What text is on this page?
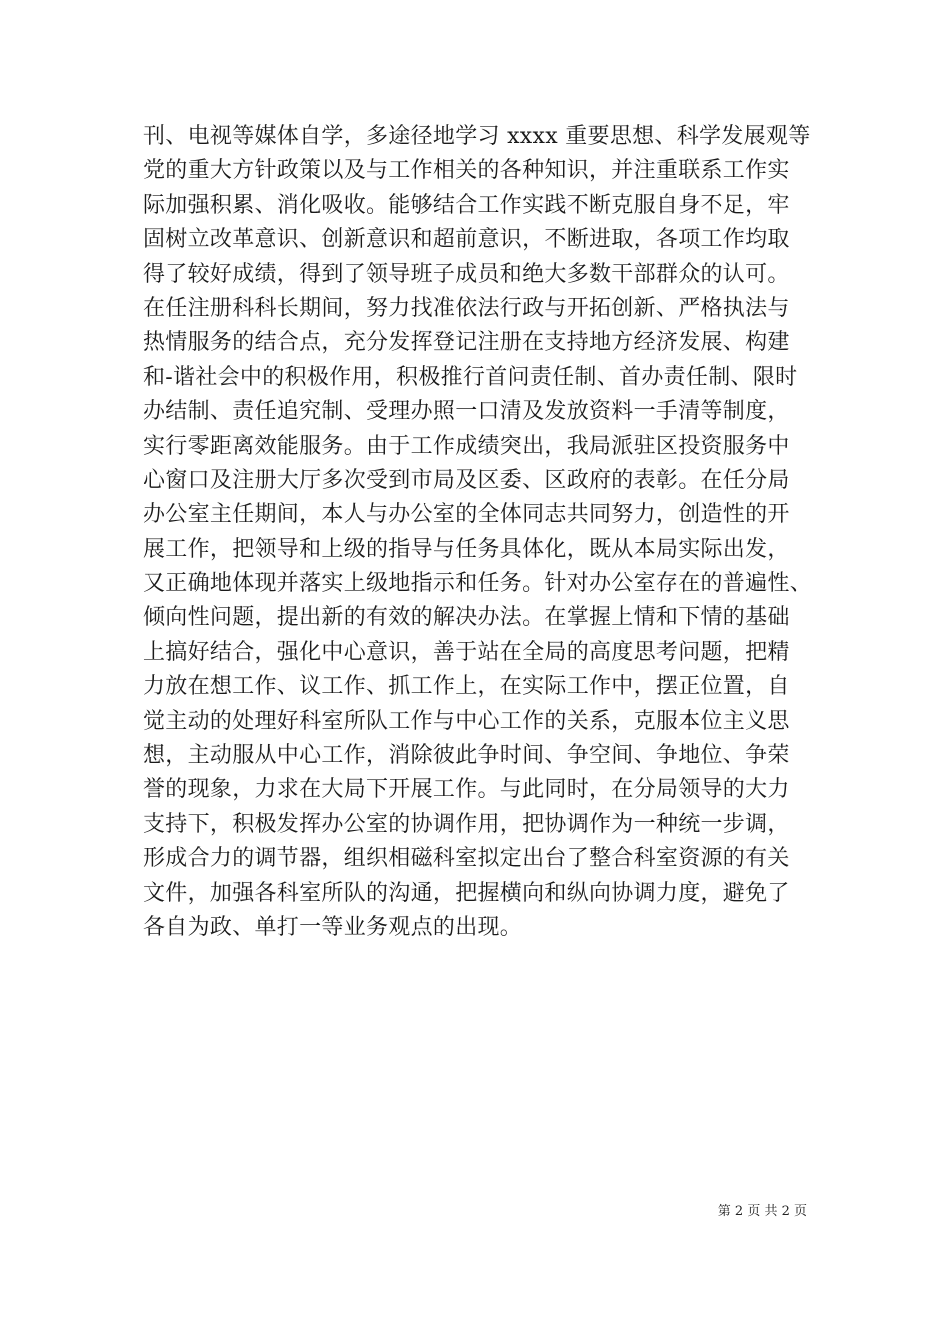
刊、电视等媒体自学，多途径地学习 xxxx 重要思想、科学发展观等
党的重大方针政策以及与工作相关的各种知识，并注重联系工作实
际加强积累、消化吸收。能够结合工作实践不断克服自身不足，牢
固树立改革意识、创新意识和超前意识，不断进取，各项工作均取
得了较好成绩，得到了领导班子成员和绝大多数干部群众的认可。
在任注册科科长期间，努力找准依法行政与开拓创新、严格执法与
热情服务的结合点，充分发挥登记注册在支持地方经济发展、构建
和-谐社会中的积极作用，积极推行首问责任制、首办责任制、限时
办结制、责任追究制、受理办照一口清及发放资料一手清等制度，
实行零距离效能服务。由于工作成绩突出，我局派驻区投资服务中
心窗口及注册大厅多次受到市局及区委、区政府的表彰。在任分局
办公室主任期间，本人与办公室的全体同志共同努力，创造性的开
展工作，把领导和上级的指导与任务具体化，既从本局实际出发，
又正确地体现并落实上级地指示和任务。针对办公室存在的普遍性、
倾向性问题，提出新的有效的解决办法。在掌握上情和下情的基础
上搞好结合，强化中心意识，善于站在全局的高度思考问题，把精
力放在想工作、议工作、抓工作上，在实际工作中，摆正位置，自
觉主动的处理好科室所队工作与中心工作的关系，克服本位主义思
想，主动服从中心工作，消除彼此争时间、争空间、争地位、争荣
誉的现象，力求在大局下开展工作。与此同时，在分局领导的大力
支持下，积极发挥办公室的协调作用，把协调作为一种统一步调，
形成合力的调节器，组织相磁科室拟定出台了整合科室资源的有关
文件，加强各科室所队的沟通，把握横向和纵向协调力度，避免了
各自为政、单打一等业务观点的出现。
第 2 页 共 2 页
